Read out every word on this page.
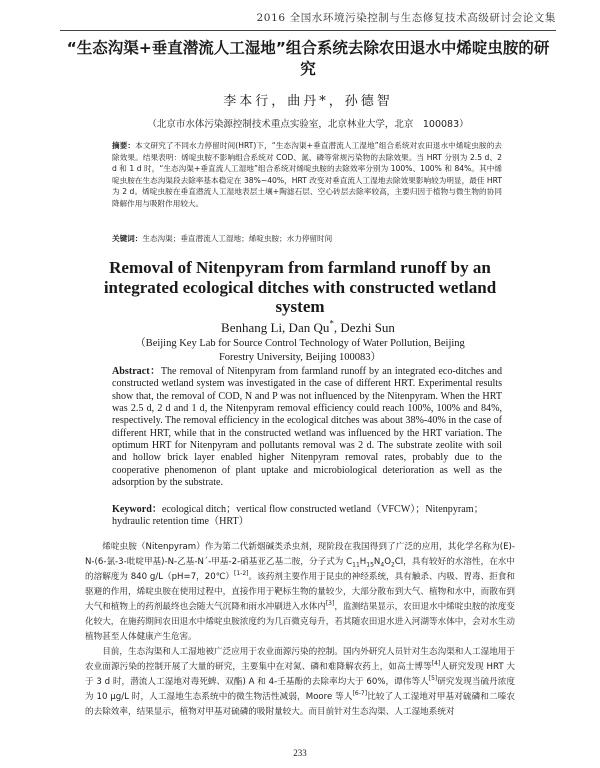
2016 全国水环境污染控制与生态修复技术高级研讨会论文集
“生态沟渠+垂直潜流人工湿地”组合系统去除农田退水中烯啶虫胺的研究
李本行，曲丹*，孙德智
（北京市水体污染源控制技术重点实验室，北京林业大学，北京　100083）
摘要：本文研究了不同水力停留时间(HRT)下，“生态沟渠+垂直潜流人工湿地”组合系统对农田退水中烯啶虫胺的去除效果。结果表明：烯啶虫胺不影响组合系统对 COD、氮、磷等常规污染物的去除效果。当 HRT 分别为 2.5 d、2 d 和 1 d 时，“生态沟渠+垂直流人工湿地”组合系统对烯啶虫胺的去除效率分别为 100%、100% 和 84%。其中烯啶虫胺在生态沟渠段去除率基本稳定在 38%~40%，HRT 改变对垂直流人工湿地去除效果影响较为明显，最佳 HRT 为 2 d。烯啶虫胺在垂直潜流人工湿地表层土壤+陶滤石层、空心砖层去除率较高，主要归因于植物与微生物的协同降解作用与吸附作用较大。
关键词：生态沟渠；垂直潜流人工湿地；烯啶虫胺；水力停留时间
Removal of Nitenpyram from farmland runoff by an integrated ecological ditches with constructed wetland system
Benhang Li, Dan Qu*, Dezhi Sun
（Beijing Key Lab for Source Control Technology of Water Pollution, Beijing Forestry University, Beijing 100083）
Abstract：The removal of Nitenpyram from farmland runoff by an integrated eco-ditches and constructed wetland system was investigated in the case of different HRT. Experimental results show that, the removal of COD, N and P was not influenced by the Nitenpyram. When the HRT was 2.5 d, 2 d and 1 d, the Nitenpyram removal efficiency could reach 100%, 100% and 84%, respectively. The removal efficiency in the ecological ditches was about 38%-40% in the case of different HRT, while that in the constructed wetland was influenced by the HRT variation. The optimum HRT for Nitenpyram and pollutants removal was 2 d. The substrate zeolite with soil and hollow brick layer enabled higher Nitenpyram removal rates, probably due to the cooperative phenomenon of plant uptake and microbiological deterioration as well as the adsorption by the substrate.
Keyword：ecological ditch；vertical flow constructed wetland（VFCW）；Nitenpyram；hydraulic retention time（HRT）

烯啶虫胺（Nitenpyram）作为第二代新烟碱类杀虫剂，现阶段在我国得到了广泛的应用，其化学名称为(E)-N-(6-氯-3-吡啶甲基)-N-乙基-N´-甲基-2-硝基亚乙基二胺，分子式为 $C_{11}H_{15}N_4O_2Cl$，具有较好的水溶性，在水中的溶解度为 840 g/L（pH=7，20℃）[1-2]。该药剂主要作用于昆虫的神经系统，具有触杀、内吸、胃毒、拒食和驱避的作用，烯啶虫胺在使用过程中，直接作用于靶标生物的量较少，大部分散布到大气、植物和水中，而散布到大气和植物上的药剂最终也会随大气沉降和雨水冲刷进入水体内[3]，监测结果显示，农田退水中烯啶虫胺的浓度变化较大，在施药期间农田退水中烯啶虫胺浓度约为几百微克每升，若其随农田退水进入河湖等水体中，会对水生动植物甚至人体健康产生危害。

目前，生态沟渠和人工湿地被广泛应用于农业面源污染的控制。国内外研究人员针对生态沟渠和人工湿地用于农业面源污染的控制开展了大量的研究，主要集中在对氮、磷和难降解农药上，如高士博等[4]人研究发现 HRT 大于 3 d 时，潜流人工湿地对毒死蜱、双酯) A 和 4-壬基酚的去除率均大于 60%，谭伟等人[5]研究发现当硫丹浓度为 10 μg/L 时，人工湿地生态系统中的微生物活性减弱，Moore 等人[6-7]比较了人工湿地对甲基对硫磷和二嗪农的去除效率，结果显示，植物对甲基对硫磷的吸附量较大。而目前针对生态沟渠、人工湿地系统对

233
